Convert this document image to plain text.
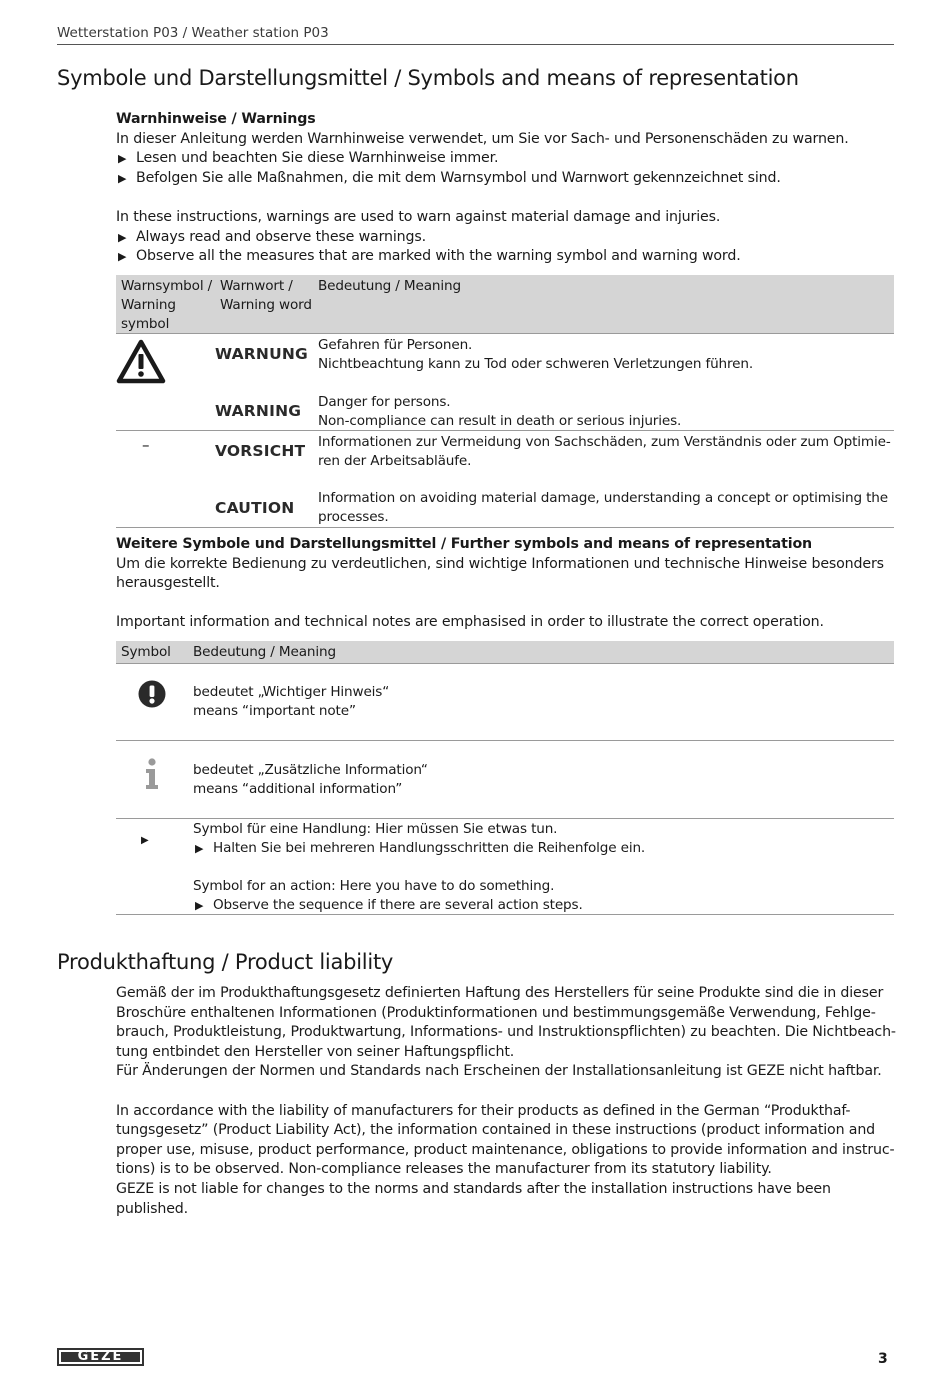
Wetterstation P03 / Weather station P03
Symbole und Darstellungsmittel / Symbols and means of representation
Warnhinweise / Warnings
In dieser Anleitung werden Warnhinweise verwendet, um Sie vor Sach- und Personenschäden zu warnen.
▶ Lesen und beachten Sie diese Warnhinweise immer.
▶ Befolgen Sie alle Maßnahmen, die mit dem Warnsymbol und Warnwort gekennzeichnet sind.
In these instructions, warnings are used to warn against material damage and injuries.
▶ Always read and observe these warnings.
▶ Observe all the measures that are marked with the warning symbol and warning word.
Warnsymbol /
Warning
symbol
Warnwort /
Warning word
Bedeutung / Meaning
WARNUNG Gefahren für Personen.
Nichtbeachtung kann zu Tod oder schweren Verletzungen führen.
WARNING Danger for persons.
Non-compliance can result in death or serious injuries.
–	VORSICHT Informationen zur Vermeidung von Sachschäden, zum Verständnis oder zum Optimie-
ren der Arbeitsabläufe.
CAUTION
Information on avoiding material damage, understanding a concept or optimising the
processes.
Weitere Symbole und Darstellungsmittel / Further symbols and means of representation
Um die korrekte Bedienung zu verdeutlichen, sind wichtige Informationen und technische Hinweise besonders
herausgestellt.
Important information and technical notes are emphasised in order to illustrate the correct operation.
Symbol Bedeutung / Meaning
bedeutet „Wichtiger Hinweis“
means “important note”
bedeutet „Zusätzliche Information“
means “additional information”
▶
Symbol für eine Handlung: Hier müssen Sie etwas tun.
▶ Halten Sie bei mehreren Handlungsschritten die Reihenfolge ein.
Symbol for an action: Here you have to do something.
▶ Observe the sequence if there are several action steps.
Produkthaftung / Product liability
Gemäß der im Produkthaftungsgesetz definierten Haftung des Herstellers für seine Produkte sind die in dieser
Broschüre enthaltenen Informationen (Produktinformationen und bestimmungsgemäße Verwendung, Fehlge-
brauch, Produktleistung, Produktwartung, Informations- und Instruktionspflichten) zu beachten. Die Nichtbeach-
tung entbindet den Hersteller von seiner Haftungspflicht.
Für Änderungen der Normen und Standards nach Erscheinen der Installationsanleitung ist GEZE nicht haftbar.
In accordance with the liability of manufacturers for their products as defined in the German “Produkthaf-
tungsgesetz” (Product Liability Act), the information contained in these instructions (product information and
proper use, misuse, product performance, product maintenance, obligations to provide information and instruc-
tions) is to be observed. Non-compliance releases the manufacturer from its statutory liability.
GEZE is not liable for changes to the norms and standards after the installation instructions have been published.
GEZE	3
